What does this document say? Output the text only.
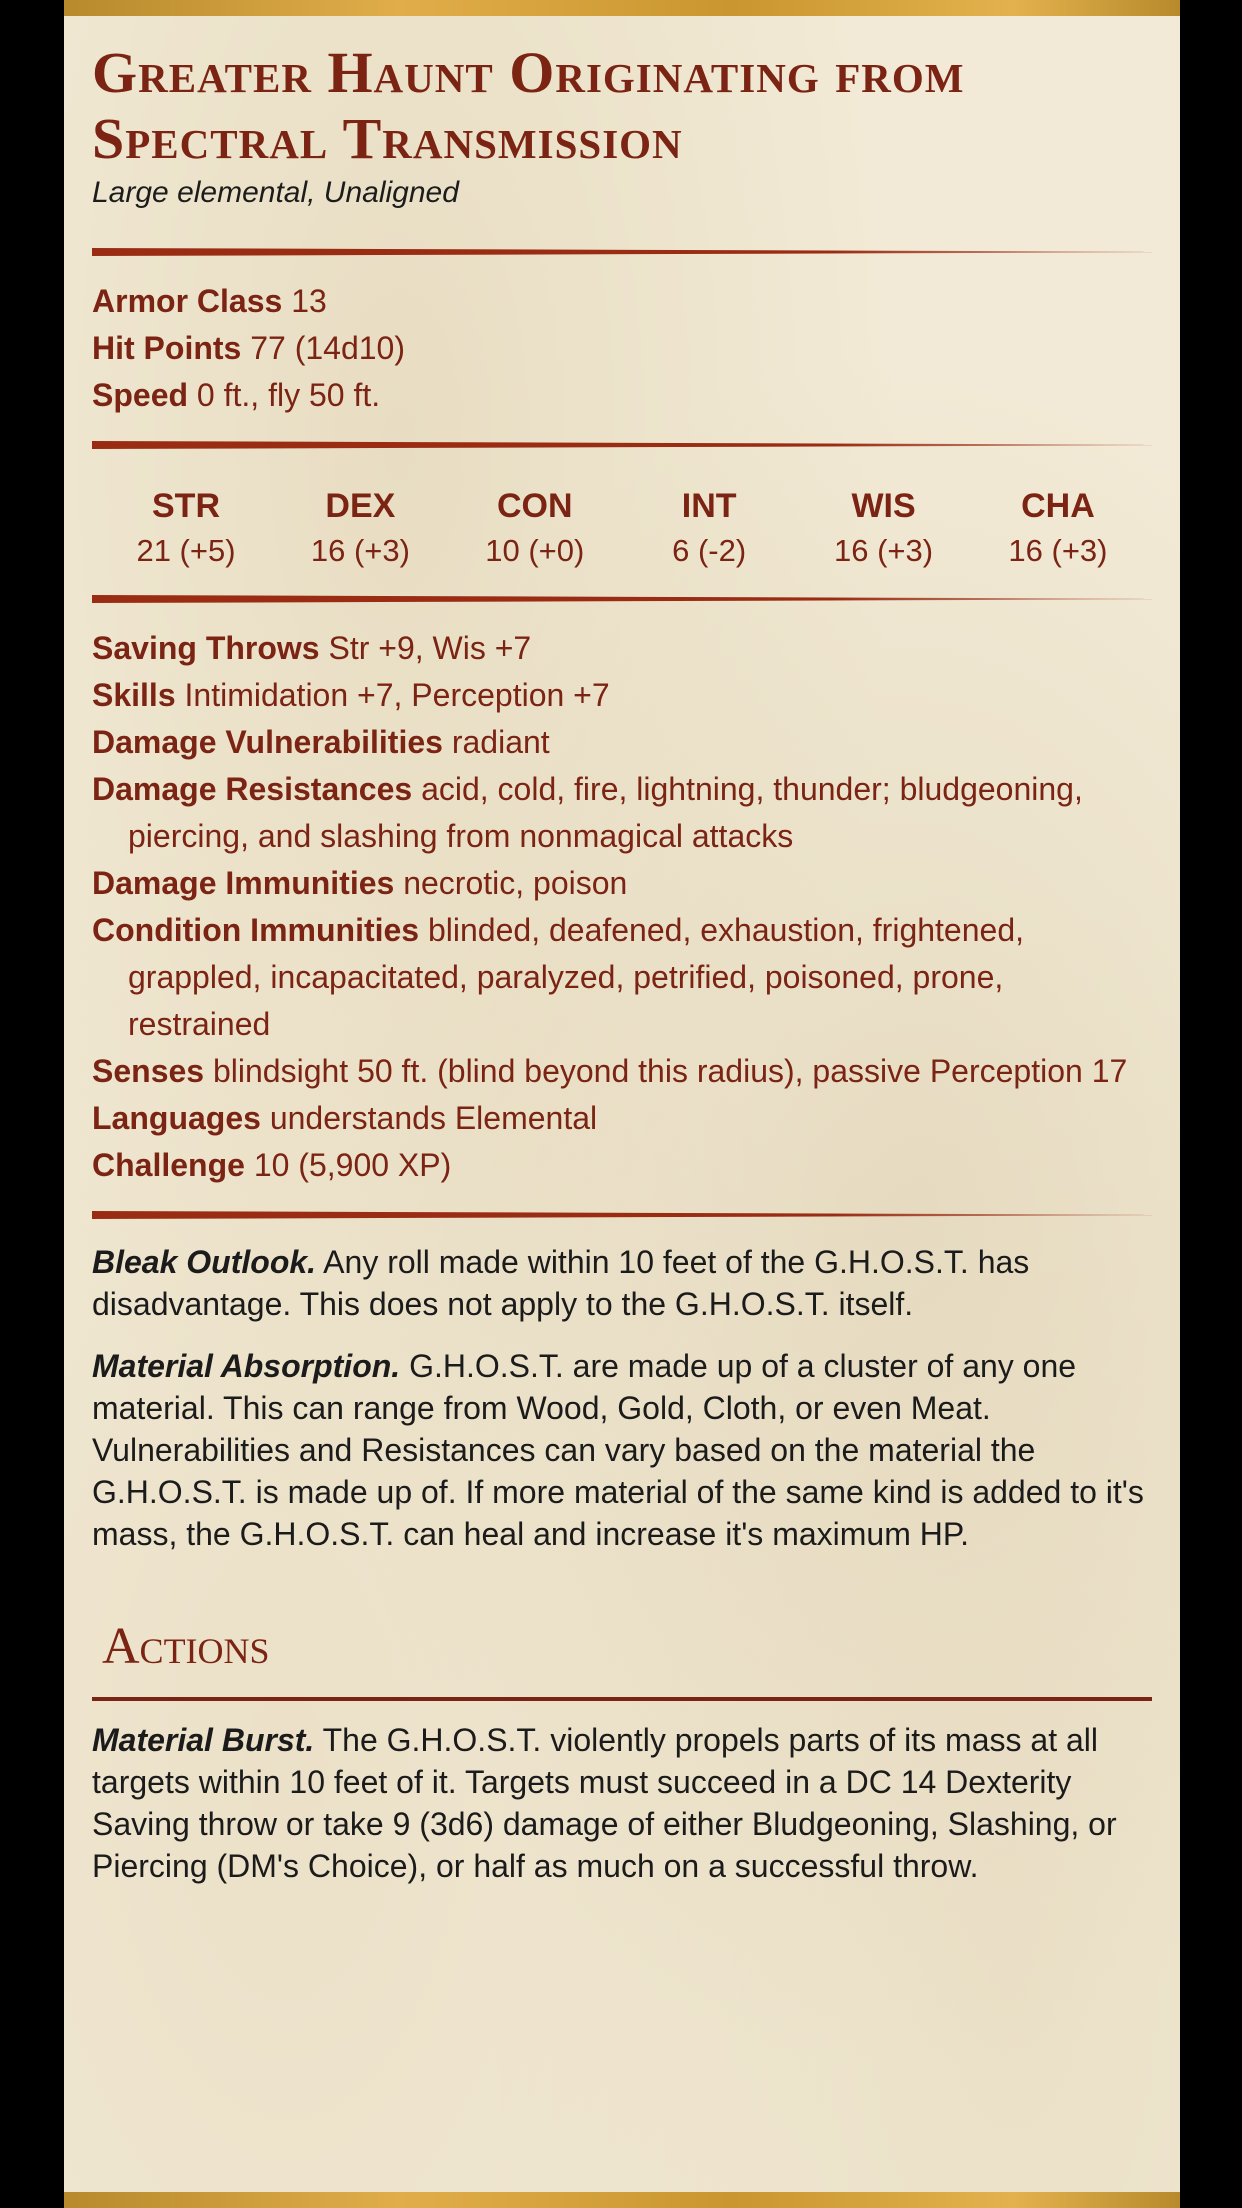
Greater Haunt Originating from Spectral Transmission
Large elemental, Unaligned
Armor Class 13
Hit Points 77 (14d10)
Speed 0 ft., fly 50 ft.
STR
21 (+5)
DEX
16 (+3)
CON
10 (+0)
INT
6 (-2)
WIS
16 (+3)
CHA
16 (+3)
Saving Throws Str +9, Wis +7
Skills Intimidation +7, Perception +7
Damage Vulnerabilities radiant
Damage Resistances acid, cold, fire, lightning, thunder; bludgeoning, piercing, and slashing from nonmagical attacks
Damage Immunities necrotic, poison
Condition Immunities blinded, deafened, exhaustion, frightened, grappled, incapacitated, paralyzed, petrified, poisoned, prone, restrained
Senses blindsight 50 ft. (blind beyond this radius), passive Perception 17
Languages understands Elemental
Challenge 10 (5,900 XP)

Bleak Outlook. Any roll made within 10 feet of the G.H.O.S.T. has disadvantage. This does not apply to the G.H.O.S.T. itself.

Material Absorption. G.H.O.S.T. are made up of a cluster of any one material. This can range from Wood, Gold, Cloth, or even Meat. Vulnerabilities and Resistances can vary based on the material the G.H.O.S.T. is made up of. If more material of the same kind is added to it's mass, the G.H.O.S.T. can heal and increase it's maximum HP.

Actions

Material Burst. The G.H.O.S.T. violently propels parts of its mass at all targets within 10 feet of it. Targets must succeed in a DC 14 Dexterity Saving throw or take 9 (3d6) damage of either Bludgeoning, Slashing, or Piercing (DM's Choice), or half as much on a successful throw.
